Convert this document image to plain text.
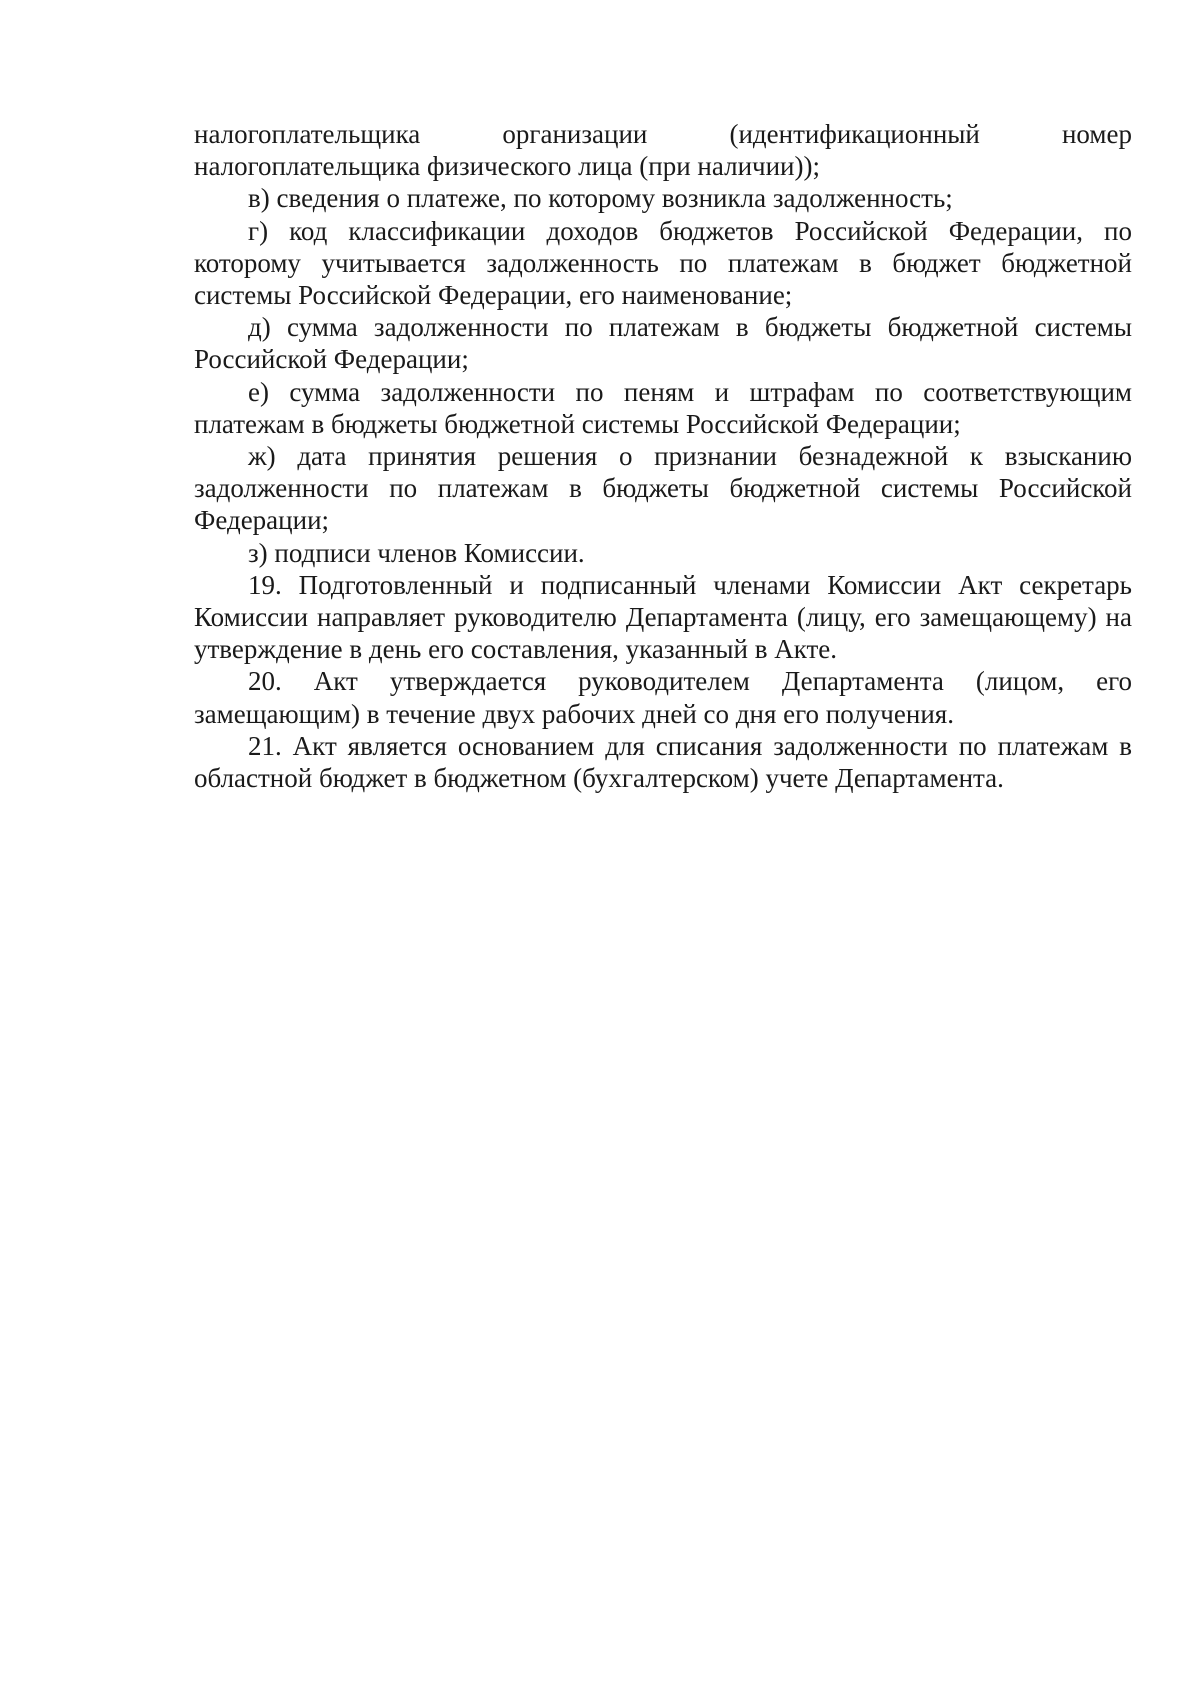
налогоплательщика организации (идентификационный номер налогоплательщика физического лица (при наличии));

в) сведения о платеже, по которому возникла задолженность;

г) код классификации доходов бюджетов Российской Федерации, по которому учитывается задолженность по платежам в бюджет бюджетной системы Российской Федерации, его наименование;

д) сумма задолженности по платежам в бюджеты бюджетной системы Российской Федерации;

е) сумма задолженности по пеням и штрафам по соответствующим платежам в бюджеты бюджетной системы Российской Федерации;

ж) дата принятия решения о признании безнадежной к взысканию задолженности по платежам в бюджеты бюджетной системы Российской Федерации;

з) подписи членов Комиссии.

19. Подготовленный и подписанный членами Комиссии Акт секретарь Комиссии направляет руководителю Департамента (лицу, его замещающему) на утверждение в день его составления, указанный в Акте.

20. Акт утверждается руководителем Департамента (лицом, его замещающим) в течение двух рабочих дней со дня его получения.

21. Акт является основанием для списания задолженности по платежам в областной бюджет в бюджетном (бухгалтерском) учете Департамента.
